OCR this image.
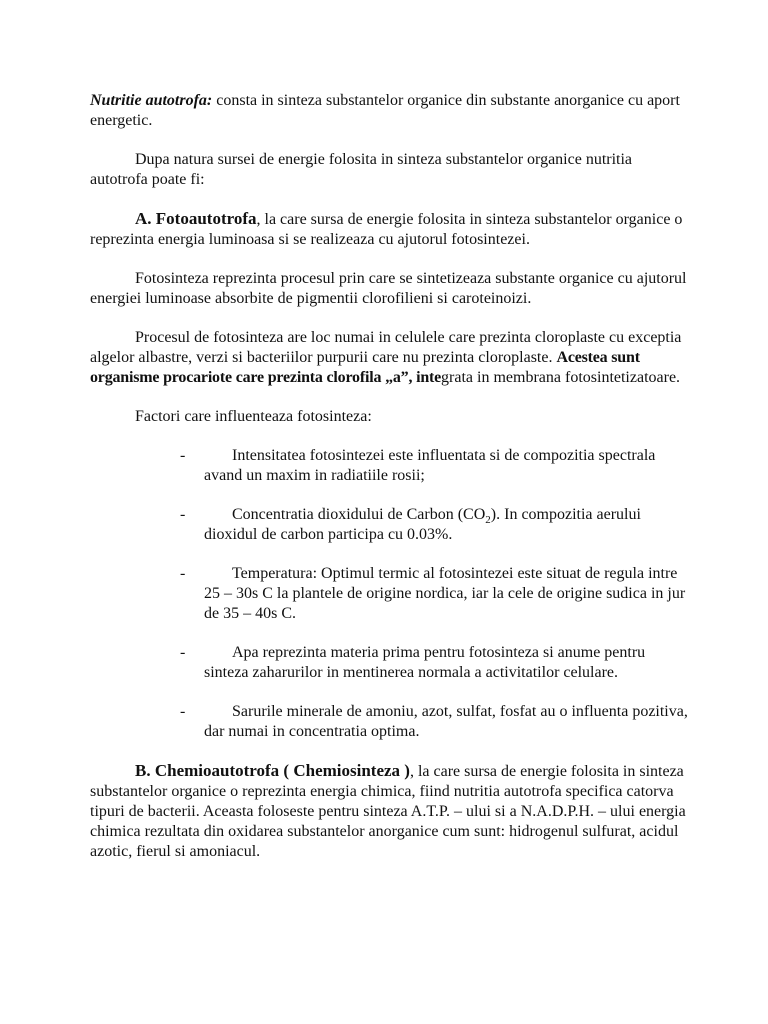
Nutritie autotrofa: consta in sinteza substantelor organice din substante anorganice cu aport energetic.

Dupa natura sursei de energie folosita in sinteza substantelor organice nutritia autotrofa poate fi:

A. Fotoautotrofa, la care sursa de energie folosita in sinteza substantelor organice o reprezinta energia luminoasa si se realizeaza cu ajutorul fotosintezei.

Fotosinteza reprezinta procesul prin care se sintetizeaza substante organice cu ajutorul energiei luminoase absorbite de pigmentii clorofilieni si caroteinoizi.

Procesul de fotosinteza are loc numai in celulele care prezinta cloroplaste cu exceptia algelor albastre, verzi si bacteriilor purpurii care nu prezinta cloroplaste. Acestea sunt organisme procariote care prezinta clorofila „a”, integrata in membrana fotosintetizatoare.

Factori care influenteaza fotosinteza:

-	Intensitatea fotosintezei este influentata si de compozitia spectrala avand un maxim in radiatiile rosii;
-	Concentratia dioxidului de Carbon $(CO_2)$. In compozitia aerului dioxidul de carbon participa cu 0.03%.
-	Temperatura: Optimul termic al fotosintezei este situat de regula intre 25 – 30s C la plantele de origine nordica, iar la cele de origine sudica in jur de 35 – 40s C.
-	Apa reprezinta materia prima pentru fotosinteza si anume pentru sinteza zaharurilor in mentinerea normala a activitatilor celulare.
-	Sarurile minerale de amoniu, azot, sulfat, fosfat au o influenta pozitiva, dar numai in concentratia optima.

B. Chemioautotrofa ( Chemiosinteza ), la care sursa de energie folosita in sinteza substantelor organice o reprezinta energia chimica, fiind nutritia autotrofa specifica catorva tipuri de bacterii. Aceasta foloseste pentru sinteza A.T.P. – ului si a N.A.D.P.H. – ului energia chimica rezultata din oxidarea substantelor anorganice cum sunt: hidrogenul sulfurat, acidul azotic, fierul si amoniacul.
